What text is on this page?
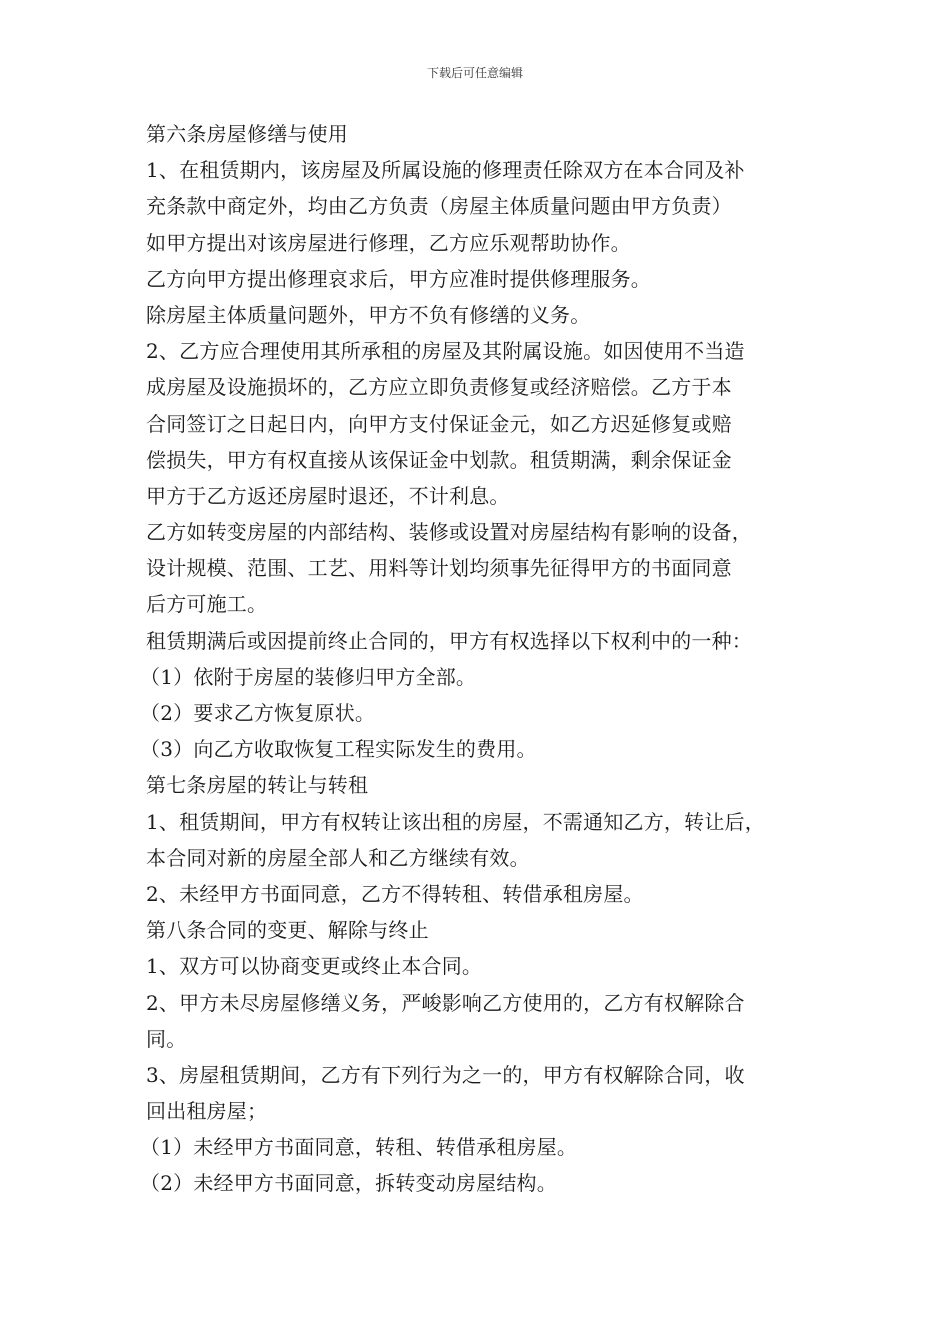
下载后可任意编辑
第六条房屋修缮与使用
1、在租赁期内，该房屋及所属设施的修理责任除双方在本合同及补
充条款中商定外，均由乙方负责（房屋主体质量问题由甲方负责）
如甲方提出对该房屋进行修理，乙方应乐观帮助协作。
乙方向甲方提出修理哀求后，甲方应准时提供修理服务。
除房屋主体质量问题外，甲方不负有修缮的义务。
2、乙方应合理使用其所承租的房屋及其附属设施。如因使用不当造
成房屋及设施损坏的，乙方应立即负责修复或经济赔偿。乙方于本
合同签订之日起日内，向甲方支付保证金元，如乙方迟延修复或赔
偿损失，甲方有权直接从该保证金中划款。租赁期满，剩余保证金
甲方于乙方返还房屋时退还，不计利息。
乙方如转变房屋的内部结构、装修或设置对房屋结构有影响的设备，
设计规模、范围、工艺、用料等计划均须事先征得甲方的书面同意
后方可施工。
租赁期满后或因提前终止合同的，甲方有权选择以下权利中的一种：
（1）依附于房屋的装修归甲方全部。
（2）要求乙方恢复原状。
（3）向乙方收取恢复工程实际发生的费用。
第七条房屋的转让与转租
1、租赁期间，甲方有权转让该出租的房屋，不需通知乙方，转让后，
本合同对新的房屋全部人和乙方继续有效。
2、未经甲方书面同意，乙方不得转租、转借承租房屋。
第八条合同的变更、解除与终止
1、双方可以协商变更或终止本合同。
2、甲方未尽房屋修缮义务，严峻影响乙方使用的，乙方有权解除合
同。
3、房屋租赁期间，乙方有下列行为之一的，甲方有权解除合同，收
回出租房屋；
（1）未经甲方书面同意，转租、转借承租房屋。
（2）未经甲方书面同意，拆转变动房屋结构。
